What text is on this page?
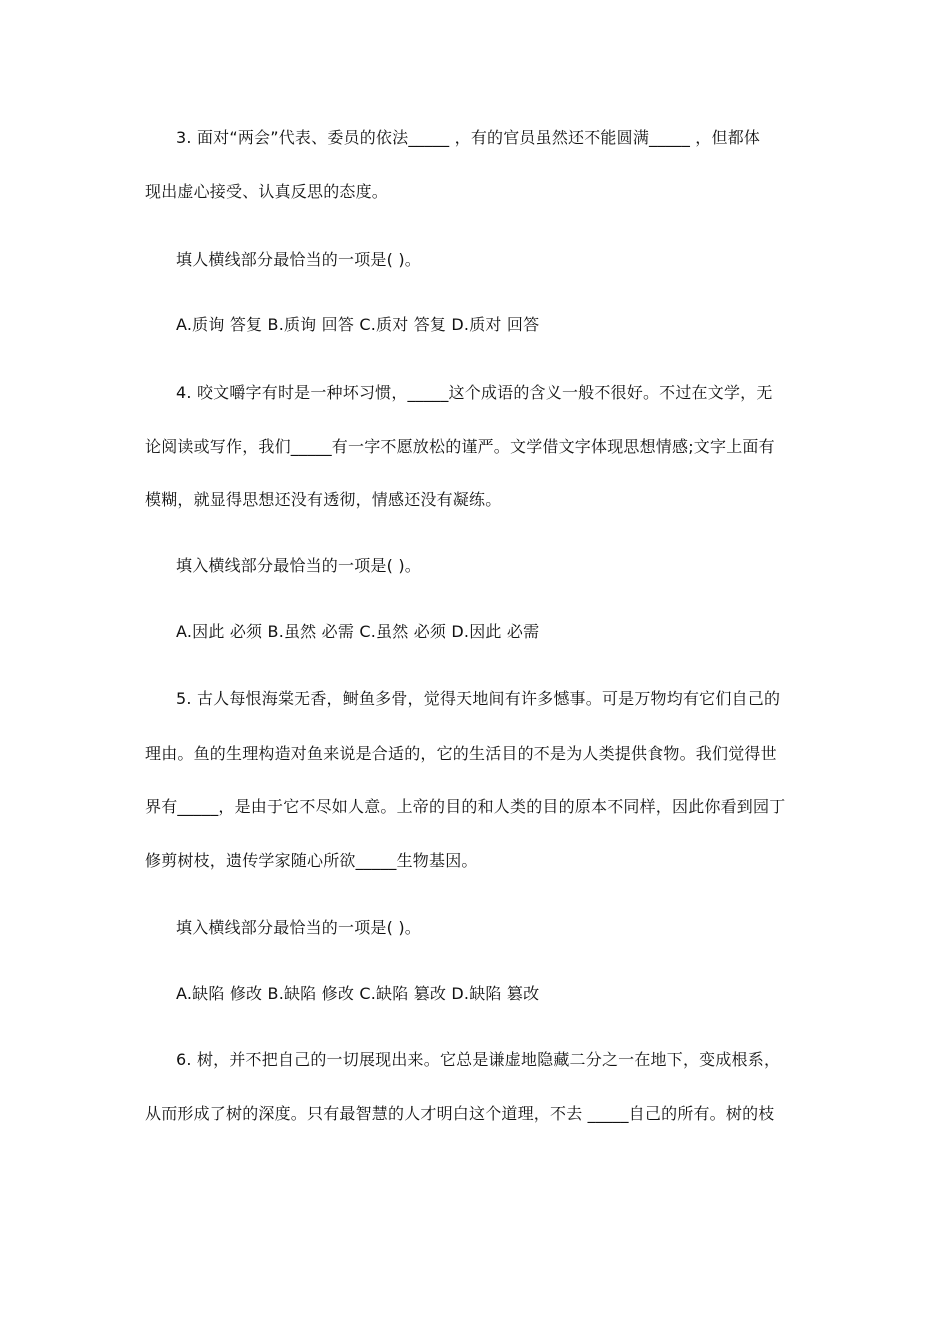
3. 面对“两会”代表、委员的依法_____ ，有的官员虽然还不能圆满_____ ，但都体
现出虚心接受、认真反思的态度。
填人横线部分最恰当的一项是( )。
A.质询 答复 B.质询 回答 C.质对 答复 D.质对 回答
4. 咬文嚼字有时是一种坏习惯，_____这个成语的含义一般不很好。不过在文学，无
论阅读或写作，我们_____有一字不愿放松的谨严。文学借文字体现思想情感;文字上面有
模糊，就显得思想还没有透彻，情感还没有凝练。
填入横线部分最恰当的一项是( )。
A.因此 必须 B.虽然 必需 C.虽然 必须 D.因此 必需
5. 古人每恨海棠无香，鲥鱼多骨，觉得天地间有许多憾事。可是万物均有它们自己的
理由。鱼的生理构造对鱼来说是合适的，它的生活目的不是为人类提供食物。我们觉得世
界有_____，是由于它不尽如人意。上帝的目的和人类的目的原本不同样，因此你看到园丁
修剪树枝，遗传学家随心所欲_____生物基因。
填入横线部分最恰当的一项是( )。
A.缺陷 修改 B.缺陷 修改 C.缺陷 篡改 D.缺陷 篡改
6. 树，并不把自己的一切展现出来。它总是谦虚地隐藏二分之一在地下，变成根系，
从而形成了树的深度。只有最智慧的人才明白这个道理，不去 _____自己的所有。树的枝
